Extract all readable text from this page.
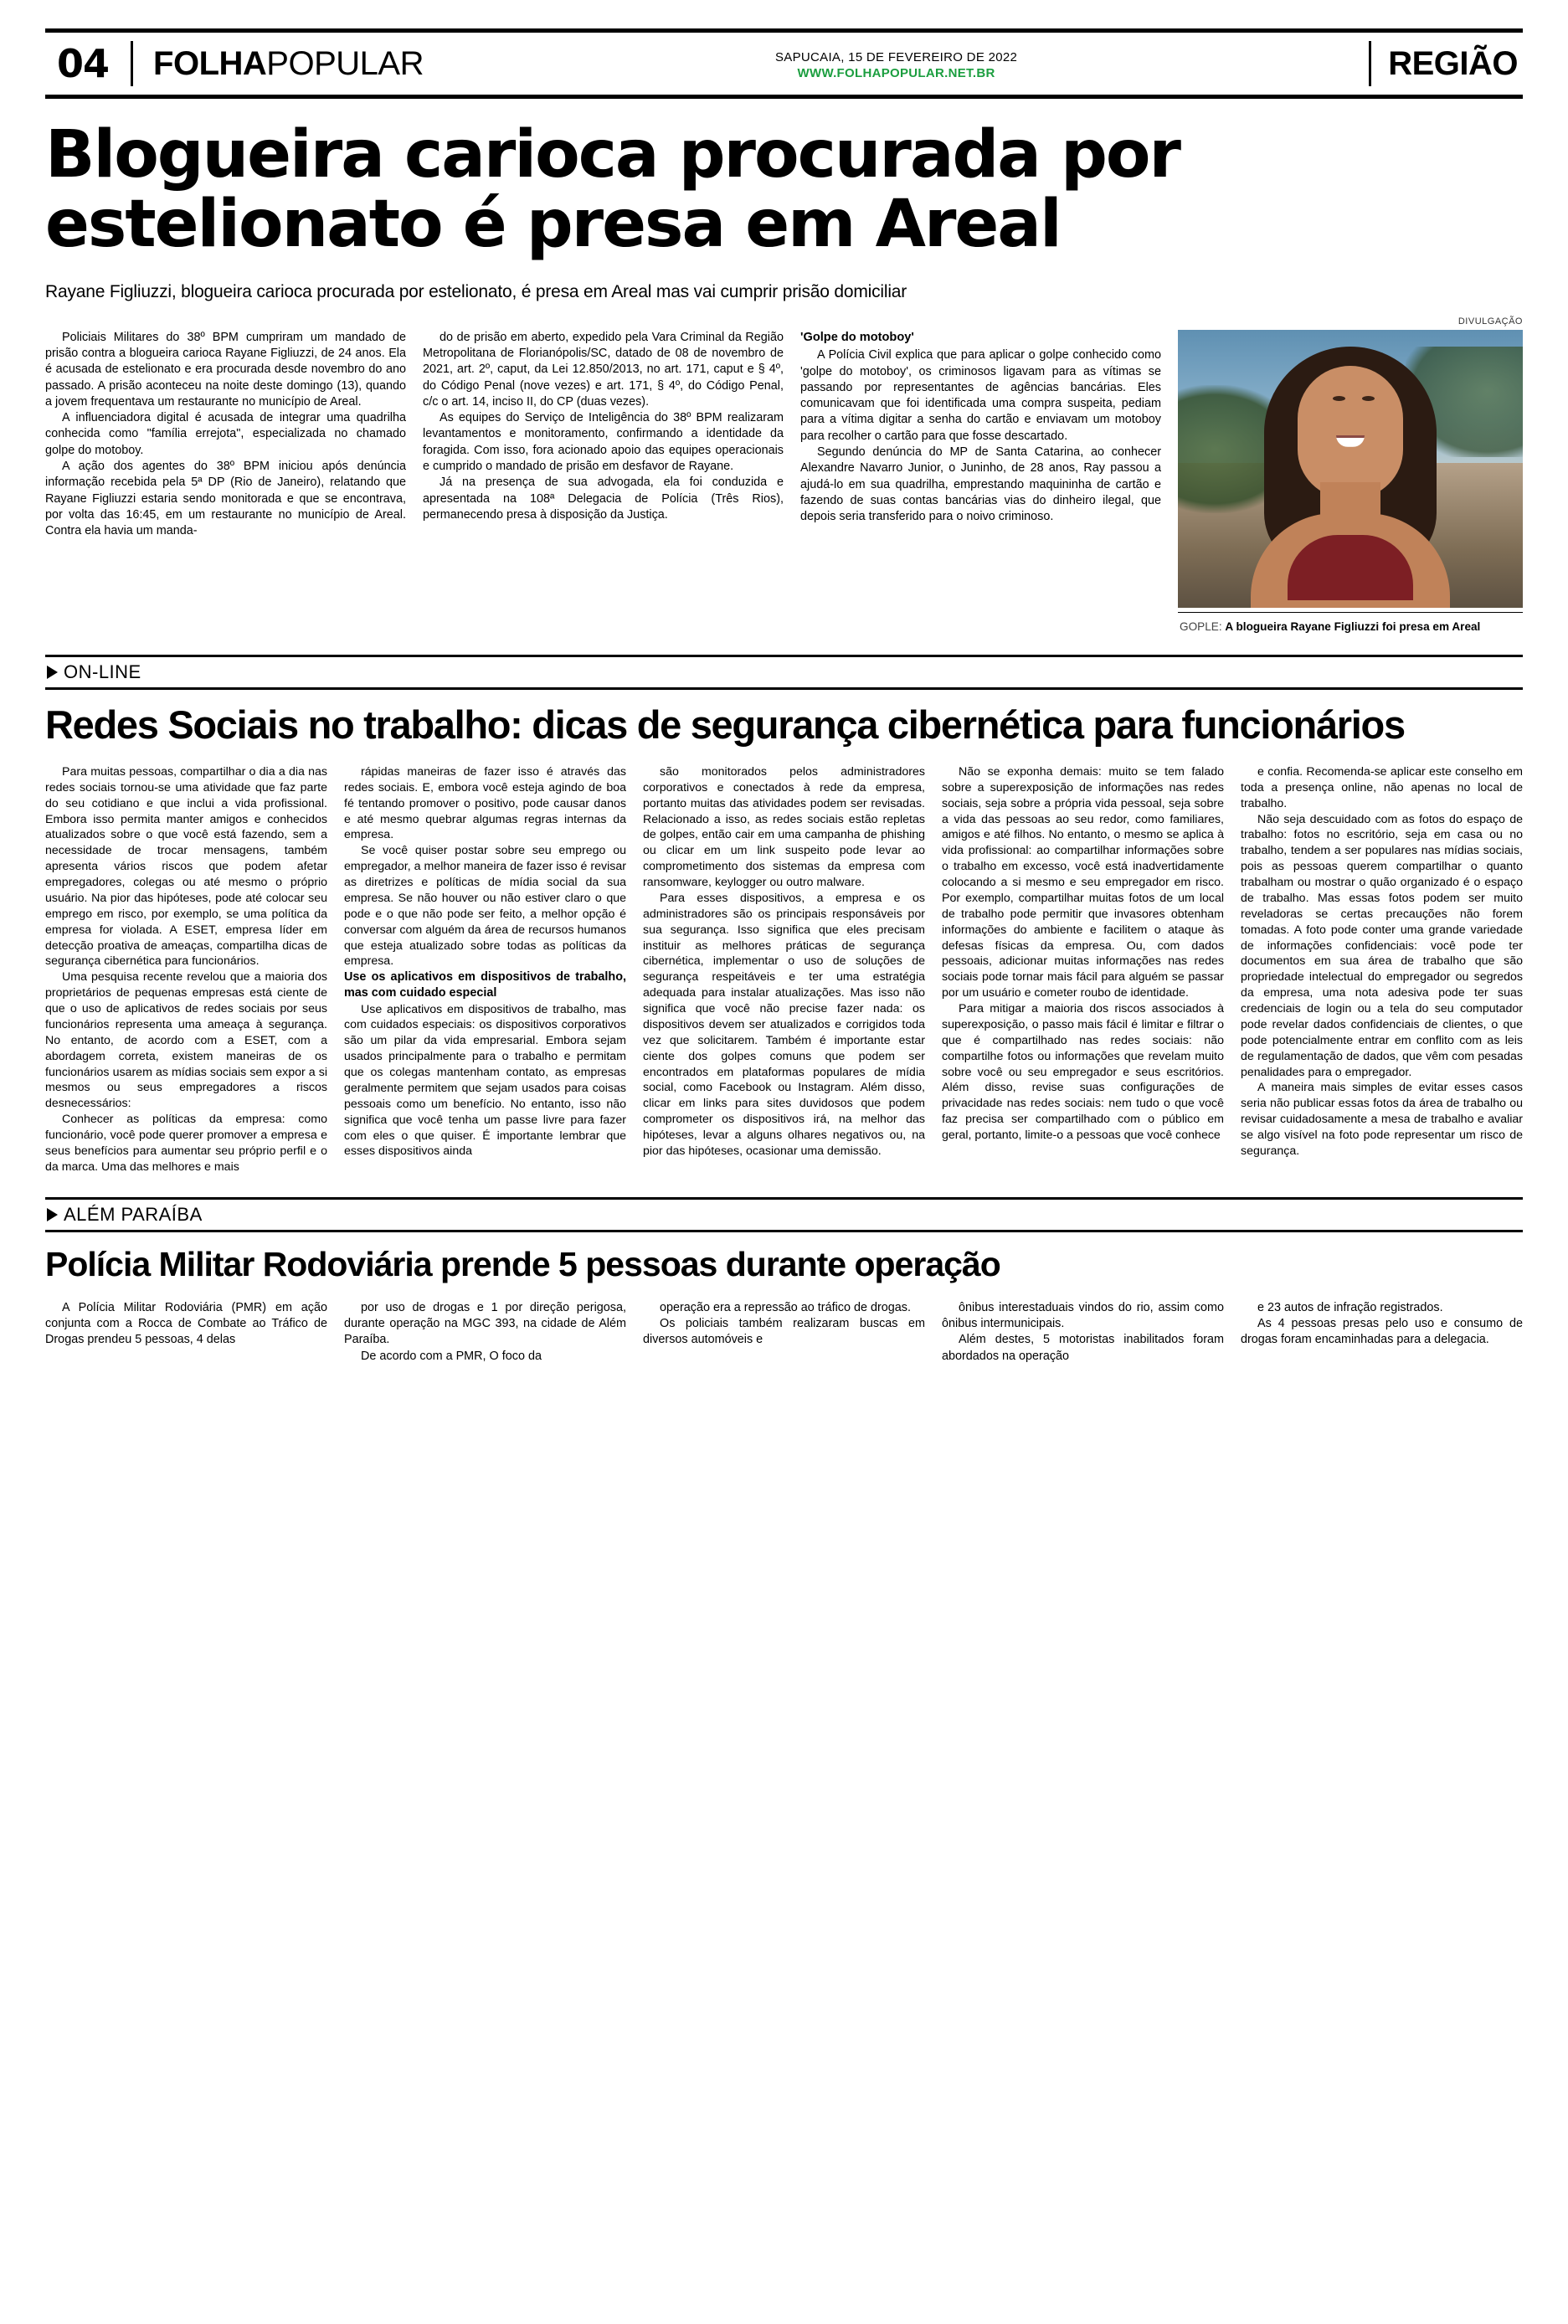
04	FOLHA POPULAR	SAPUCAIA, 15 DE FEVEREIRO DE 2022
WWW.FOLHAPOPULAR.NET.BR	REGIÃO
Blogueira carioca procurada por estelionato é presa em Areal
Rayane Figliuzzi, blogueira carioca procurada por estelionato, é presa em Areal mas vai cumprir prisão domiciliar
DIVULGAÇÃO

Policiais Militares do 38º BPM cumpriram um mandado de prisão contra a blogueira carioca Rayane Figliuzzi, de 24 anos. Ela é acusada de estelionato e era procurada desde novembro do ano passado. A prisão aconteceu na noite deste domingo (13), quando a jovem frequentava um restaurante no município de Areal.

A influenciadora digital é acusada de integrar uma quadrilha conhecida como "família errejota", especializada no chamado golpe do motoboy.

A ação dos agentes do 38º BPM iniciou após denúncia informação recebida pela 5ª DP (Rio de Janeiro), relatando que Rayane Figliuzzi estaria sendo monitorada e que se encontrava, por volta das 16:45, em um restaurante no município de Areal. Contra ela havia um manda-

do de prisão em aberto, expedido pela Vara Criminal da Região Metropolitana de Florianópolis/SC, datado de 08 de novembro de 2021, art. 2º, caput, da Lei 12.850/2013, no art. 171, caput e § 4º, do Código Penal (nove vezes) e art. 171, § 4º, do Código Penal, c/c o art. 14, inciso II, do CP (duas vezes).

As equipes do Serviço de Inteligência do 38º BPM realizaram levantamentos e monitoramento, confirmando a identidade da foragida. Com isso, fora acionado apoio das equipes operacionais e cumprido o mandado de prisão em desfavor de Rayane.

Já na presença de sua advogada, ela foi conduzida e apresentada na 108ª Delegacia de Polícia (Três Rios), permanecendo presa à disposição da Justiça.

'Golpe do motoboy'

A Polícia Civil explica que para aplicar o golpe conhecido como 'golpe do motoboy', os criminosos ligavam para as vítimas se passando por representantes de agências bancárias. Eles comunicavam que foi identificada uma compra suspeita, pediam para a vítima digitar a senha do cartão e enviavam um motoboy para recolher o cartão para que fosse descartado.

Segundo denúncia do MP de Santa Catarina, ao conhecer Alexandre Navarro Junior, o Juninho, de 28 anos, Ray passou a ajudá-lo em sua quadrilha, emprestando maquininha de cartão e fazendo de suas contas bancárias vias do dinheiro ilegal, que depois seria transferido para o noivo criminoso.

GOPLE: A blogueira Rayane Figliuzzi foi presa em Areal
ON-LINE
Redes Sociais no trabalho: dicas de segurança cibernética para funcionários

Para muitas pessoas, compartilhar o dia a dia nas redes sociais tornou-se uma atividade que faz parte do seu cotidiano e que inclui a vida profissional. Embora isso permita manter amigos e conhecidos atualizados sobre o que você está fazendo, sem a necessidade de trocar mensagens, também apresenta vários riscos que podem afetar empregadores, colegas ou até mesmo o próprio usuário. Na pior das hipóteses, pode até colocar seu emprego em risco, por exemplo, se uma política da empresa for violada. A ESET, empresa líder em detecção proativa de ameaças, compartilha dicas de segurança cibernética para funcionários.

Uma pesquisa recente revelou que a maioria dos proprietários de pequenas empresas está ciente de que o uso de aplicativos de redes sociais por seus funcionários representa uma ameaça à segurança. No entanto, de acordo com a ESET, com a abordagem correta, existem maneiras de os funcionários usarem as mídias sociais sem expor a si mesmos ou seus empregadores a riscos desnecessários:

Conhecer as políticas da empresa: como funcionário, você pode querer promover a empresa e seus benefícios para aumentar seu próprio perfil e o da marca. Uma das melhores e mais

rápidas maneiras de fazer isso é através das redes sociais. E, embora você esteja agindo de boa fé tentando promover o positivo, pode causar danos e até mesmo quebrar algumas regras internas da empresa.

Se você quiser postar sobre seu emprego ou empregador, a melhor maneira de fazer isso é revisar as diretrizes e políticas de mídia social da sua empresa. Se não houver ou não estiver claro o que pode e o que não pode ser feito, a melhor opção é conversar com alguém da área de recursos humanos que esteja atualizado sobre todas as políticas da empresa.

Use os aplicativos em dispositivos de trabalho, mas com cuidado especial

Use aplicativos em dispositivos de trabalho, mas com cuidados especiais: os dispositivos corporativos são um pilar da vida empresarial. Embora sejam usados principalmente para o trabalho e permitam que os colegas mantenham contato, as empresas geralmente permitem que sejam usados para coisas pessoais como um benefício. No entanto, isso não significa que você tenha um passe livre para fazer com eles o que quiser. É importante lembrar que esses dispositivos ainda

são monitorados pelos administradores corporativos e conectados à rede da empresa, portanto muitas das atividades podem ser revisadas. Relacionado a isso, as redes sociais estão repletas de golpes, então cair em uma campanha de phishing ou clicar em um link suspeito pode levar ao comprometimento dos sistemas da empresa com ransomware, keylogger ou outro malware.

Para esses dispositivos, a empresa e os administradores são os principais responsáveis por sua segurança. Isso significa que eles precisam instituir as melhores práticas de segurança cibernética, implementar o uso de soluções de segurança respeitáveis e ter uma estratégia adequada para instalar atualizações. Mas isso não significa que você não precise fazer nada: os dispositivos devem ser atualizados e corrigidos toda vez que solicitarem. Também é importante estar ciente dos golpes comuns que podem ser encontrados em plataformas populares de mídia social, como Facebook ou Instagram. Além disso, clicar em links para sites duvidosos que podem comprometer os dispositivos irá, na melhor das hipóteses, levar a alguns olhares negativos ou, na pior das hipóteses, ocasionar uma demissão.

Não se exponha demais: muito se tem falado sobre a superexposição de informações nas redes sociais, seja sobre a própria vida pessoal, seja sobre a vida das pessoas ao seu redor, como familiares, amigos e até filhos. No entanto, o mesmo se aplica à vida profissional: ao compartilhar informações sobre o trabalho em excesso, você está inadvertidamente colocando a si mesmo e seu empregador em risco. Por exemplo, compartilhar muitas fotos de um local de trabalho pode permitir que invasores obtenham informações do ambiente e facilitem o ataque às defesas físicas da empresa. Ou, com dados pessoais, adicionar muitas informações nas redes sociais pode tornar mais fácil para alguém se passar por um usuário e cometer roubo de identidade.

Para mitigar a maioria dos riscos associados à superexposição, o passo mais fácil é limitar e filtrar o que é compartilhado nas redes sociais: não compartilhe fotos ou informações que revelam muito sobre você ou seu empregador e seus escritórios. Além disso, revise suas configurações de privacidade nas redes sociais: nem tudo o que você faz precisa ser compartilhado com o público em geral, portanto, limite-o a pessoas que você conhece

e confia. Recomenda-se aplicar este conselho em toda a presença online, não apenas no local de trabalho.

Não seja descuidado com as fotos do espaço de trabalho: fotos no escritório, seja em casa ou no trabalho, tendem a ser populares nas mídias sociais, pois as pessoas querem compartilhar o quanto trabalham ou mostrar o quão organizado é o espaço de trabalho. Mas essas fotos podem ser muito reveladoras se certas precauções não forem tomadas. A foto pode conter uma grande variedade de informações confidenciais: você pode ter documentos em sua área de trabalho que são propriedade intelectual do empregador ou segredos da empresa, uma nota adesiva pode ter suas credenciais de login ou a tela do seu computador pode revelar dados confidenciais de clientes, o que pode potencialmente entrar em conflito com as leis de regulamentação de dados, que vêm com pesadas penalidades para o empregador.

A maneira mais simples de evitar esses casos seria não publicar essas fotos da área de trabalho ou revisar cuidadosamente a mesa de trabalho e avaliar se algo visível na foto pode representar um risco de segurança.

ALÉM PARAÍBA
Polícia Militar Rodoviária prende 5 pessoas durante operação

A Polícia Militar Rodoviária (PMR) em ação conjunta com a Rocca de Combate ao Tráfico de Drogas prendeu 5 pessoas, 4 delas

por uso de drogas e 1 por direção perigosa, durante operação na MGC 393, na cidade de Além Paraíba.

De acordo com a PMR, O foco da

operação era a repressão ao tráfico de drogas.

Os policiais também realizaram buscas em diversos automóveis e

ônibus interestaduais vindos do rio, assim como ônibus intermunicipais.

Além destes, 5 motoristas inabilitados foram abordados na operação

e 23 autos de infração registrados.

As 4 pessoas presas pelo uso e consumo de drogas foram encaminhadas para a delegacia.
